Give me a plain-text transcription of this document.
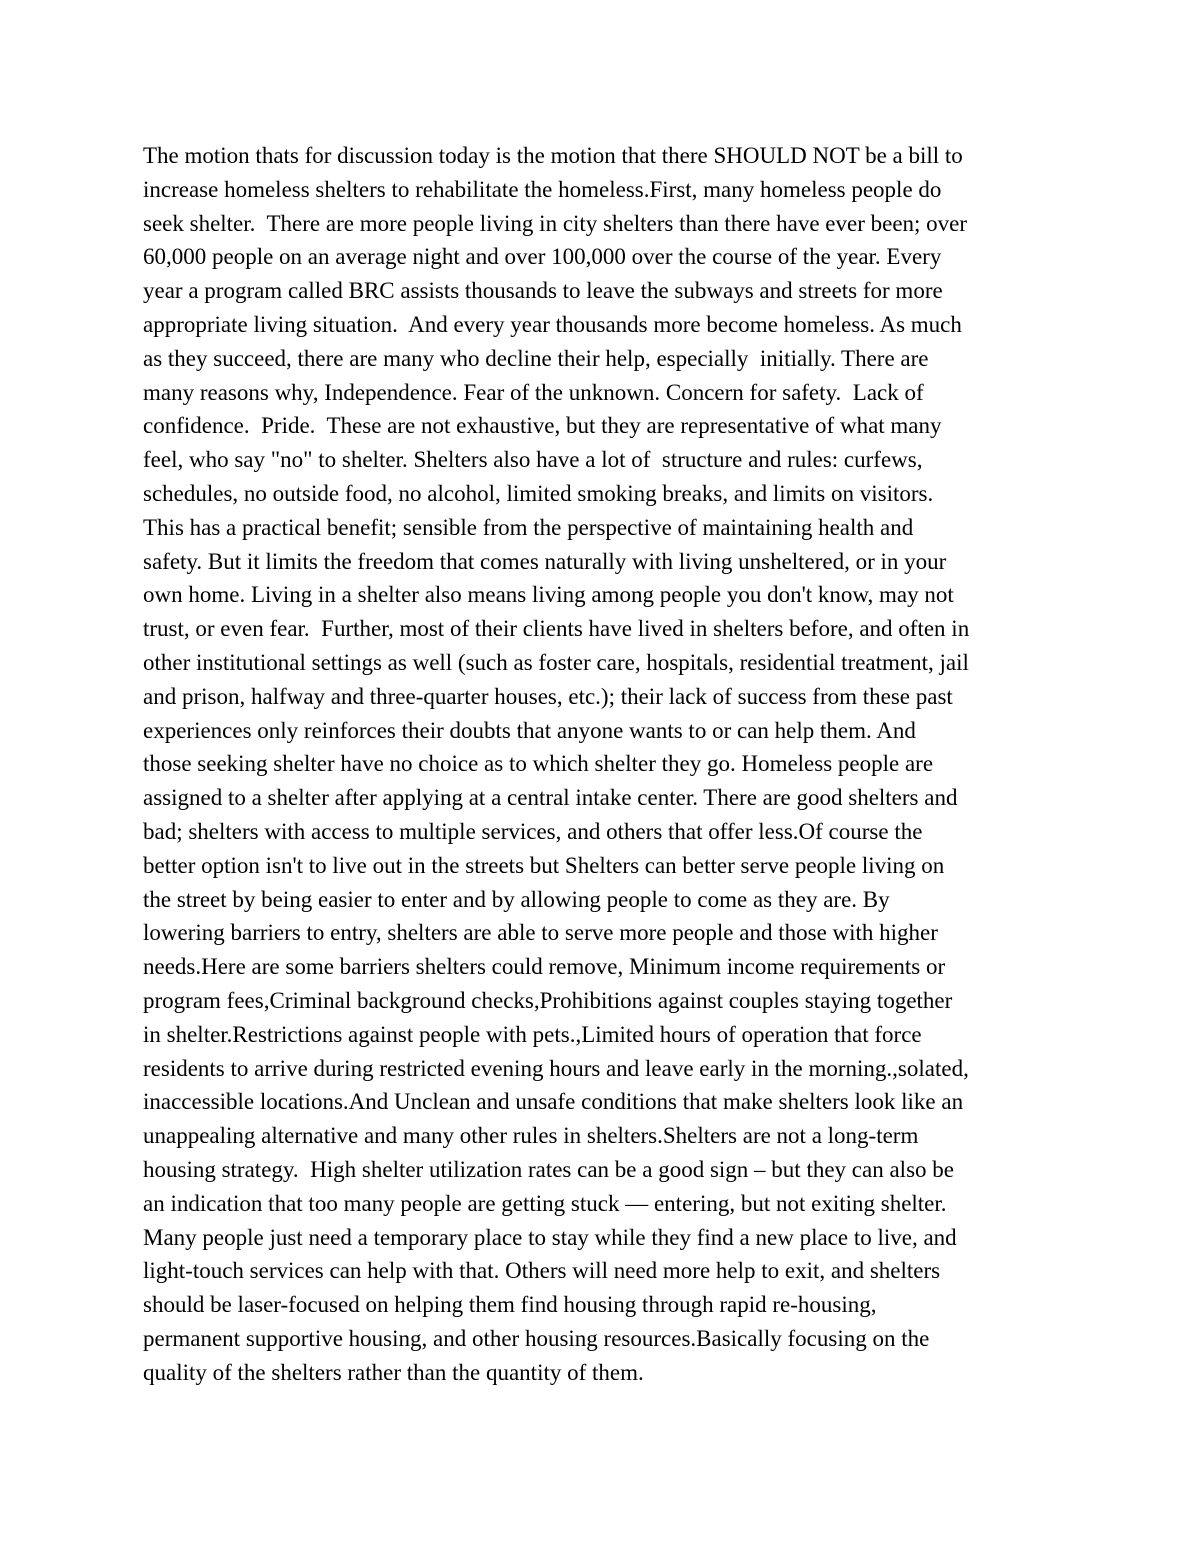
The motion thats for discussion today is the motion that there SHOULD NOT be a bill to
increase homeless shelters to rehabilitate the homeless.First, many homeless people do
seek shelter.  There are more people living in city shelters than there have ever been; over
60,000 people on an average night and over 100,000 over the course of the year. Every
year a program called BRC assists thousands to leave the subways and streets for more
appropriate living situation.  And every year thousands more become homeless. As much
as they succeed, there are many who decline their help, especially  initially. There are
many reasons why, Independence. Fear of the unknown. Concern for safety.  Lack of
confidence.  Pride.  These are not exhaustive, but they are representative of what many
feel, who say "no" to shelter. Shelters also have a lot of  structure and rules: curfews,
schedules, no outside food, no alcohol, limited smoking breaks, and limits on visitors.
This has a practical benefit; sensible from the perspective of maintaining health and
safety. But it limits the freedom that comes naturally with living unsheltered, or in your
own home. Living in a shelter also means living among people you don't know, may not
trust, or even fear.  Further, most of their clients have lived in shelters before, and often in
other institutional settings as well (such as foster care, hospitals, residential treatment, jail
and prison, halfway and three-quarter houses, etc.); their lack of success from these past
experiences only reinforces their doubts that anyone wants to or can help them. And
those seeking shelter have no choice as to which shelter they go. Homeless people are
assigned to a shelter after applying at a central intake center. There are good shelters and
bad; shelters with access to multiple services, and others that offer less.Of course the
better option isn't to live out in the streets but Shelters can better serve people living on
the street by being easier to enter and by allowing people to come as they are. By
lowering barriers to entry, shelters are able to serve more people and those with higher
needs.Here are some barriers shelters could remove, Minimum income requirements or
program fees,Criminal background checks,Prohibitions against couples staying together
in shelter.Restrictions against people with pets.,Limited hours of operation that force
residents to arrive during restricted evening hours and leave early in the morning.,solated,
inaccessible locations.And Unclean and unsafe conditions that make shelters look like an
unappealing alternative and many other rules in shelters.Shelters are not a long-term
housing strategy.  High shelter utilization rates can be a good sign – but they can also be
an indication that too many people are getting stuck — entering, but not exiting shelter.
Many people just need a temporary place to stay while they find a new place to live, and
light-touch services can help with that. Others will need more help to exit, and shelters
should be laser-focused on helping them find housing through rapid re-housing,
permanent supportive housing, and other housing resources.Basically focusing on the
quality of the shelters rather than the quantity of them.
